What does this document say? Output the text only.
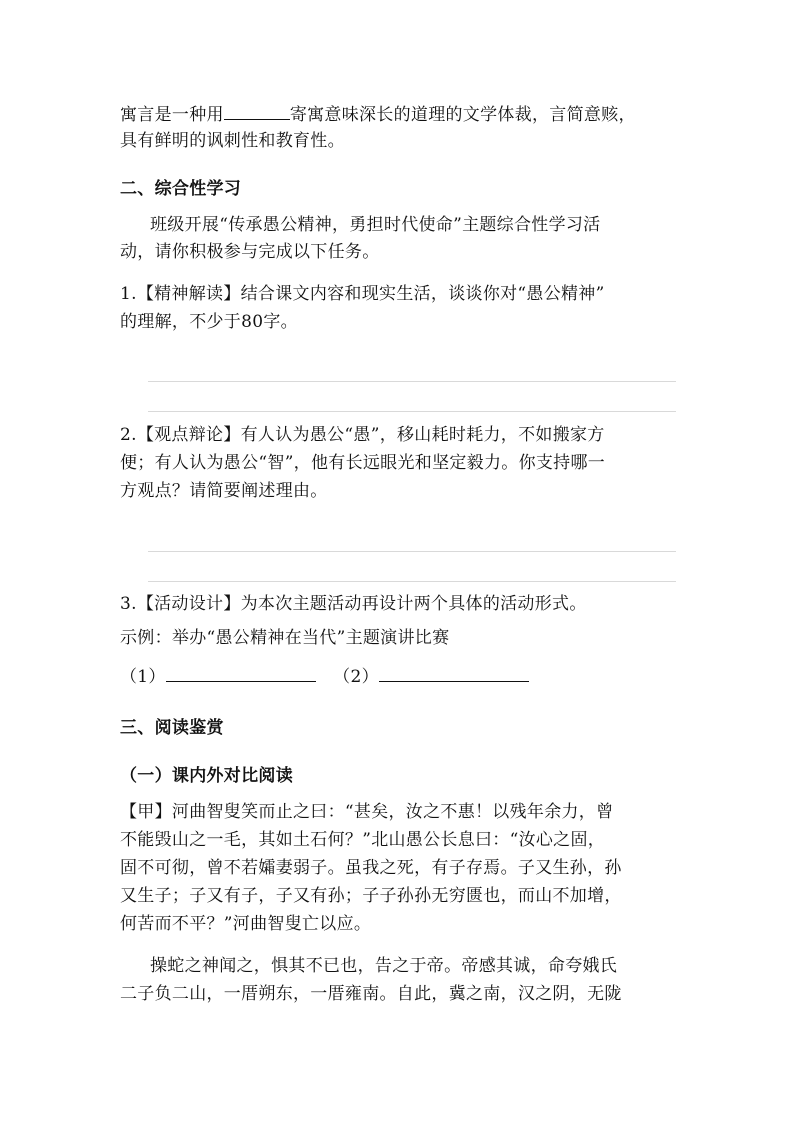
寓言是一种用	寄寓意味深长的道理的文学体裁，言简意赅，
具有鲜明的讽刺性和教育性。
二、综合性学习
班级开展“传承愚公精神，勇担时代使命”主题综合性学习活
动，请你积极参与完成以下任务。
1.【精神解读】结合课文内容和现实生活，谈谈你对“愚公精神”
的理解，不少于80字。
2.【观点辩论】有人认为愚公“愚”，移山耗时耗力，不如搬家方
便；有人认为愚公“智”，他有长远眼光和坚定毅力。你支持哪一
方观点？请简要阐述理由。
3.【活动设计】为本次主题活动再设计两个具体的活动形式。
示例：举办“愚公精神在当代”主题演讲比赛
（1）	（2）
三、阅读鉴赏
（一）课内外对比阅读
【甲】河曲智叟笑而止之曰：“甚矣，汝之不惠！以残年余力，曾
不能毁山之一毛，其如土石何？”北山愚公长息曰：“汝心之固，
固不可彻，曾不若孀妻弱子。虽我之死，有子存焉。子又生孙，孙
又生子；子又有子，子又有孙；子子孙孙无穷匮也，而山不加增，
何苦而不平？”河曲智叟亡以应。
操蛇之神闻之，惧其不已也，告之于帝。帝感其诚，命夸娥氏
二子负二山，一厝朔东，一厝雍南。自此，冀之南，汉之阴，无陇
